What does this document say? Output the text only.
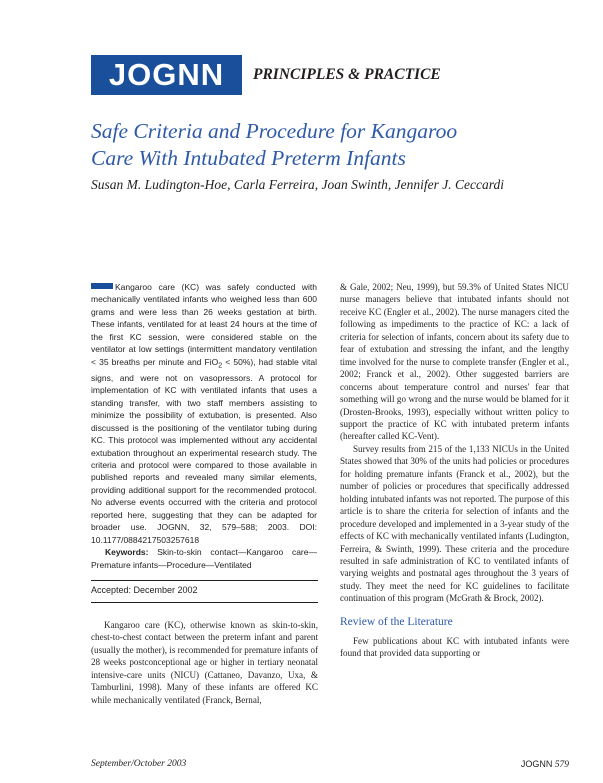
JOGNN	PRINCIPLES & PRACTICE
Safe Criteria and Procedure for Kangaroo
Care With Intubated Preterm Infants
Susan M. Ludington-Hoe, Carla Ferreira, Joan Swinth, Jennifer J. Ceccardi

Kangaroo care (KC) was safely conducted with mechanically ventilated infants who weighed less than 600 grams and were less than 26 weeks gestation at birth. These infants, ventilated for at least 24 hours at the time of the first KC session, were considered stable on the ventilator at low settings (intermittent mandatory ventilation < 35 breaths per minute and FiO$_2$ < 50%), had stable vital signs, and were not on vasopressors. A protocol for implementation of KC with ventilated infants that uses a standing transfer, with two staff members assisting to minimize the possibility of extubation, is presented. Also discussed is the positioning of the ventilator tubing during KC. This protocol was implemented without any accidental extubation throughout an experimental research study. The criteria and protocol were compared to those available in published reports and revealed many similar elements, providing additional support for the recommended protocol. No adverse events occurred with the criteria and protocol reported here, suggesting that they can be adapted for broader use. JOGNN, 32, 579–588; 2003. DOI: 10.1177/0884217503257618

Keywords: Skin-to-skin contact—Kangaroo care—Premature infants—Procedure—Ventilated

Accepted: December 2002

Kangaroo care (KC), otherwise known as skin-to-skin, chest-to-chest contact between the preterm infant and parent (usually the mother), is recommended for premature infants of 28 weeks postconceptional age or higher in tertiary neonatal intensive-care units (NICU) (Cattaneo, Davanzo, Uxa, & Tamburlini, 1998). Many of these infants are offered KC while mechanically ventilated (Franck, Bernal,

& Gale, 2002; Neu, 1999), but 59.3% of United States NICU nurse managers believe that intubated infants should not receive KC (Engler et al., 2002). The nurse managers cited the following as impediments to the practice of KC: a lack of criteria for selection of infants, concern about its safety due to fear of extubation and stressing the infant, and the lengthy time involved for the nurse to complete transfer (Engler et al., 2002; Franck et al., 2002). Other suggested barriers are concerns about temperature control and nurses' fear that something will go wrong and the nurse would be blamed for it (Drosten-Brooks, 1993), especially without written policy to support the practice of KC with intubated preterm infants (hereafter called KC-Vent).

Survey results from 215 of the 1,133 NICUs in the United States showed that 30% of the units had policies or procedures for holding premature infants (Franck et al., 2002), but the number of policies or procedures that specifically addressed holding intubated infants was not reported. The purpose of this article is to share the criteria for selection of infants and the procedure developed and implemented in a 3-year study of the effects of KC with mechanically ventilated infants (Ludington, Ferreira, & Swinth, 1999). These criteria and the procedure resulted in safe administration of KC to ventilated infants of varying weights and postnatal ages throughout the 3 years of study. They meet the need for KC guidelines to facilitate continuation of this program (McGrath & Brock, 2002).

Review of the Literature

Few publications about KC with intubated infants were found that provided data supporting or

September/October 2003	JOGNN 579
